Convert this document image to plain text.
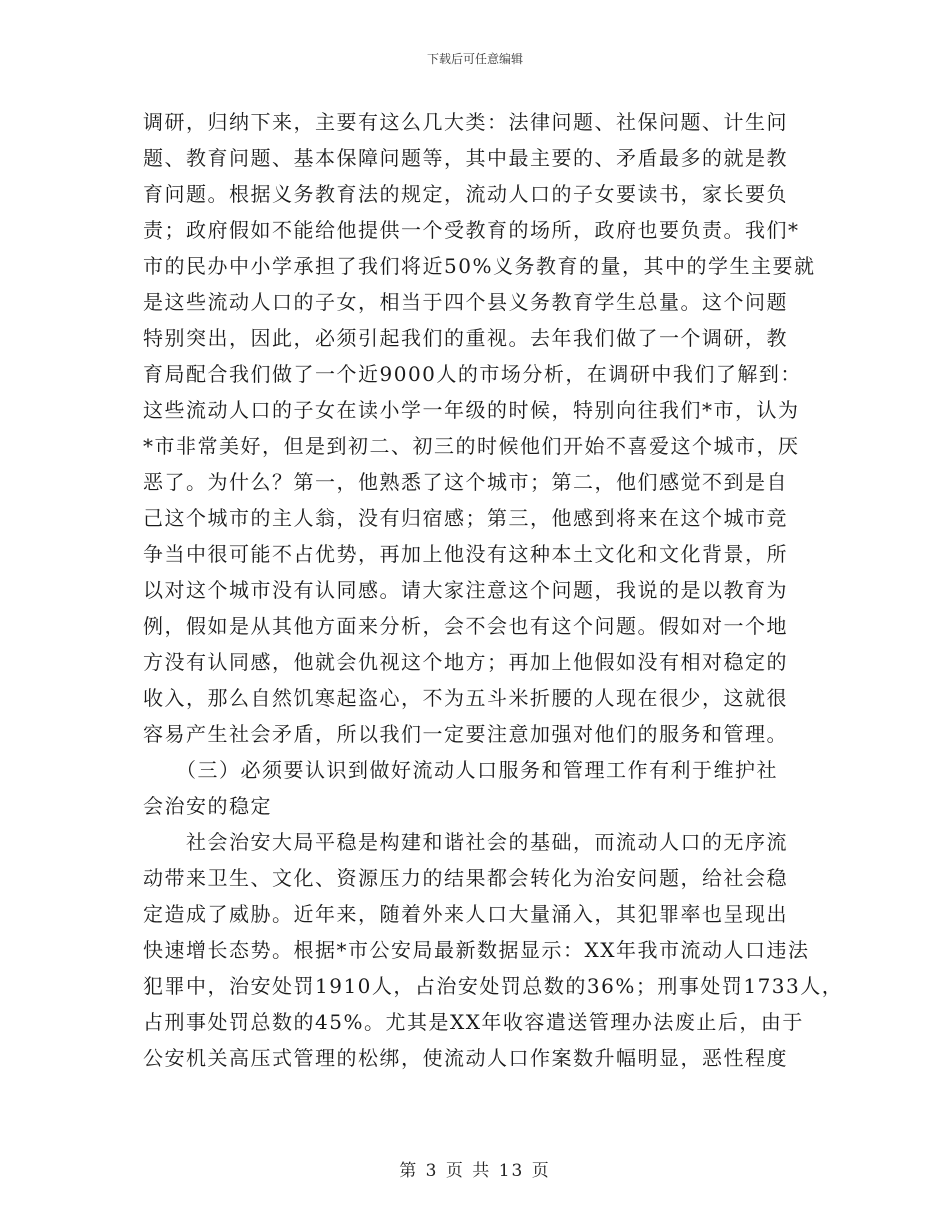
下载后可任意编辑
调研，归纳下来，主要有这么几大类：法律问题、社保问题、计生问
题、教育问题、基本保障问题等，其中最主要的、矛盾最多的就是教
育问题。根据义务教育法的规定，流动人口的子女要读书，家长要负
责；政府假如不能给他提供一个受教育的场所，政府也要负责。我们*
市的民办中小学承担了我们将近50%义务教育的量，其中的学生主要就
是这些流动人口的子女，相当于四个县义务教育学生总量。这个问题
特别突出，因此，必须引起我们的重视。去年我们做了一个调研，教
育局配合我们做了一个近9000人的市场分析，在调研中我们了解到：
这些流动人口的子女在读小学一年级的时候，特别向往我们*市，认为
*市非常美好，但是到初二、初三的时候他们开始不喜爱这个城市，厌
恶了。为什么？第一，他熟悉了这个城市；第二，他们感觉不到是自
己这个城市的主人翁，没有归宿感；第三，他感到将来在这个城市竞
争当中很可能不占优势，再加上他没有这种本土文化和文化背景，所
以对这个城市没有认同感。请大家注意这个问题，我说的是以教育为
例，假如是从其他方面来分析，会不会也有这个问题。假如对一个地
方没有认同感，他就会仇视这个地方；再加上他假如没有相对稳定的
收入，那么自然饥寒起盗心，不为五斗米折腰的人现在很少，这就很
容易产生社会矛盾，所以我们一定要注意加强对他们的服务和管理。
　　（三）必须要认识到做好流动人口服务和管理工作有利于维护社
会治安的稳定
　　社会治安大局平稳是构建和谐社会的基础，而流动人口的无序流
动带来卫生、文化、资源压力的结果都会转化为治安问题，给社会稳
定造成了威胁。近年来，随着外来人口大量涌入，其犯罪率也呈现出
快速增长态势。根据*市公安局最新数据显示：XX年我市流动人口违法
犯罪中，治安处罚1910人，占治安处罚总数的36%；刑事处罚1733人，
占刑事处罚总数的45%。尤其是XX年收容遣送管理办法废止后，由于
公安机关高压式管理的松绑，使流动人口作案数升幅明显，恶性程度
第 3 页 共 13 页
